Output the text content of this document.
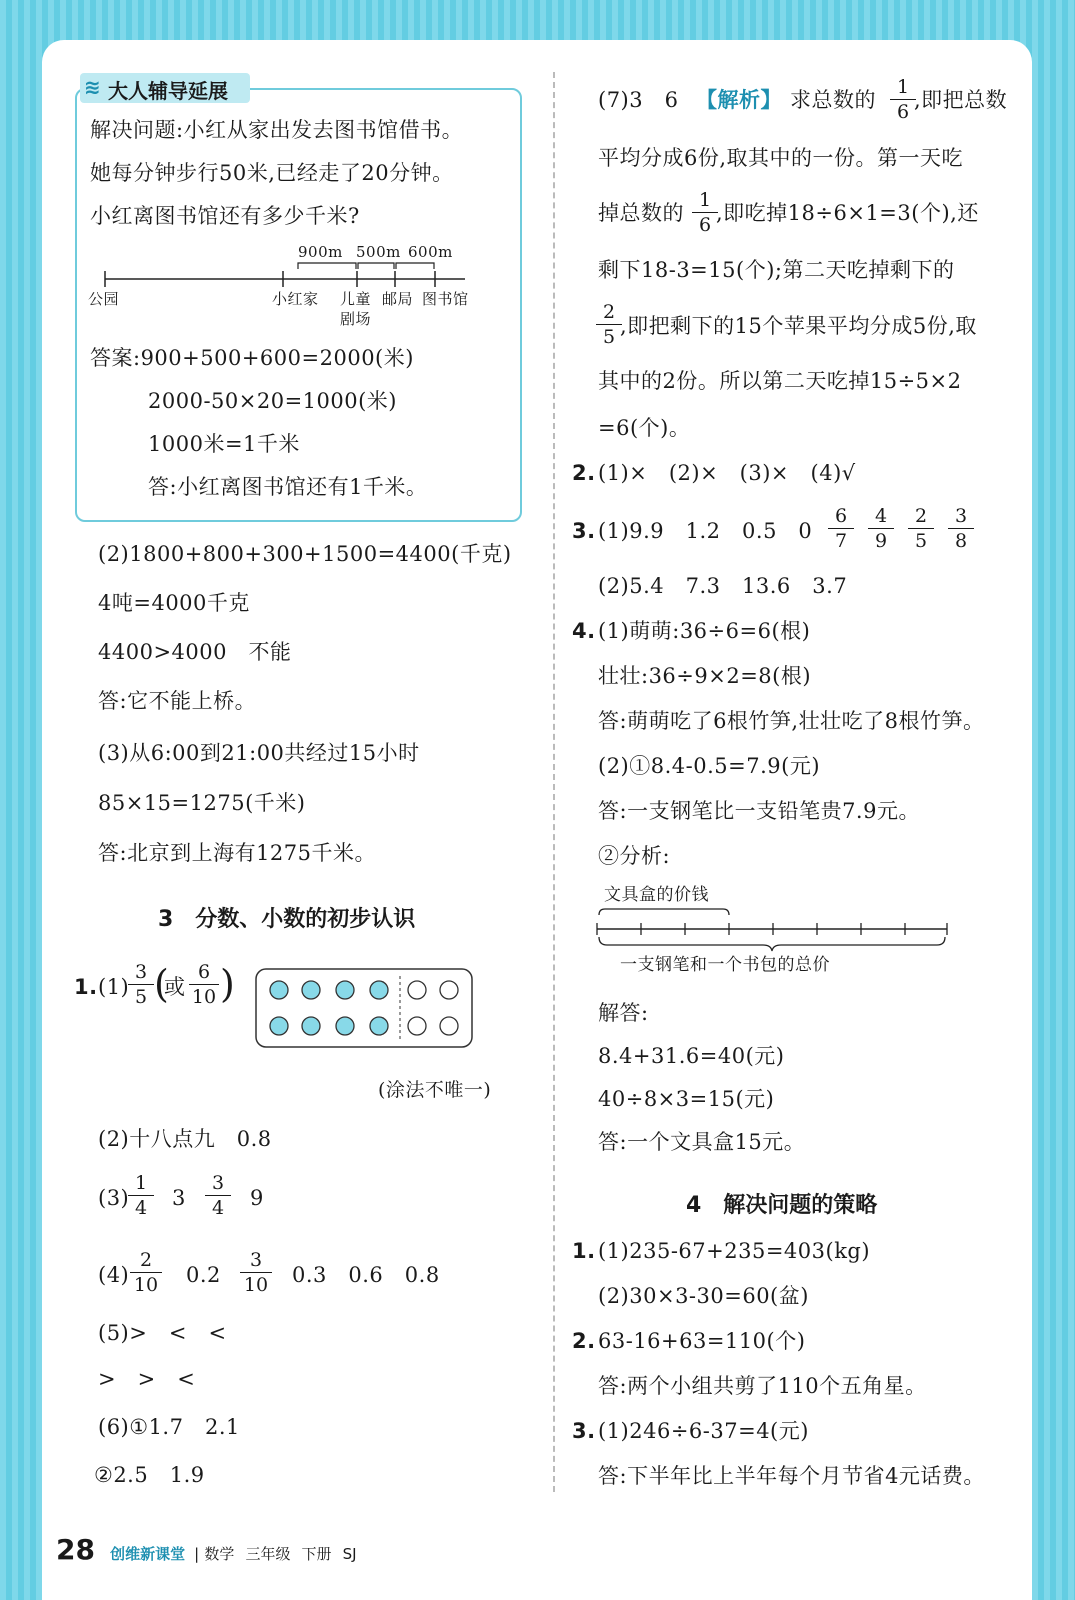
≋ 大人辅导延展
解决问题:小红从家出发去图书馆借书。
她每分钟步行50米,已经走了20分钟。
小红离图书馆还有多少千米?
900m 500m 600m
公园	小红家 儿童
剧场
邮局 图书馆
答案:900+500+600=2000(米)
2000-50×20=1000(米)
1000米=1千米
答:小红离图书馆还有1千米。
(2)1800+800+300+1500=4400(千克)
4吨=4000千克
4400>4000　不能
答:它不能上桥。
(3)从6:00到21:00共经过15小时
85×15=1275(千米)
答:北京到上海有1275千米。
3　分数、小数的初步认识
1. (1)
$\frac{3}{5}$ (
或 $\frac{6}{10}$ )
(涂法不唯一)
(2)十八点九　0.8
(3)
$\frac{1}{4} 3 \frac{3}{4} 9$
$(4) \frac{2}{10} 0.2 \frac{3}{10} 0.3$　0.6　0.8
(5)>　<　<
>　>　<
(6)①1.7　2.1
②2.5　1.9
(7)3　6　
【解析】 求总数的 $\frac{1}{6}$
,即把总数
平均分成6份,取其中的一份。第一天吃
掉总数的 $\frac{1}{6}$
,即吃掉18÷6×1=3(个),还
剩下18-3=15(个);第二天吃掉剩下的
$\frac{2}{5}$
,即把剩下的15个苹果平均分成5份,取
其中的2份。所以第二天吃掉15÷5×2
=6(个)。
2. (1)×　(2)×　(3)×　(4)√
3. (1)9.9　1.2　0.5　$0 \frac{6}{7} \frac{4}{9} \frac{2}{5} \frac{3}{8}$
(2)5.4　7.3　13.6　3.7
4. (1)萌萌:36÷6=6(根)
壮壮:36÷9×2=8(根)
答:萌萌吃了6根竹笋,壮壮吃了8根竹笋。
(2)①8.4-0.5=7.9(元)
答:一支钢笔比一支铅笔贵7.9元。
②分析:
文具盒的价钱
一支钢笔和一个书包的总价
解答:
8.4+31.6=40(元)
40÷8×3=15(元)
答:一个文具盒15元。
4　解决问题的策略
1. (1)235-67+235=403(kg)
(2)30×3-30=60(盆)
2. 63-16+63=110(个)
答:两个小组共剪了110个五角星。
3. (1)246÷6-37=4(元)
答:下半年比上半年每个月节省4元话费。
28 创维新课堂 | 数学 三年级 下册 SJ
